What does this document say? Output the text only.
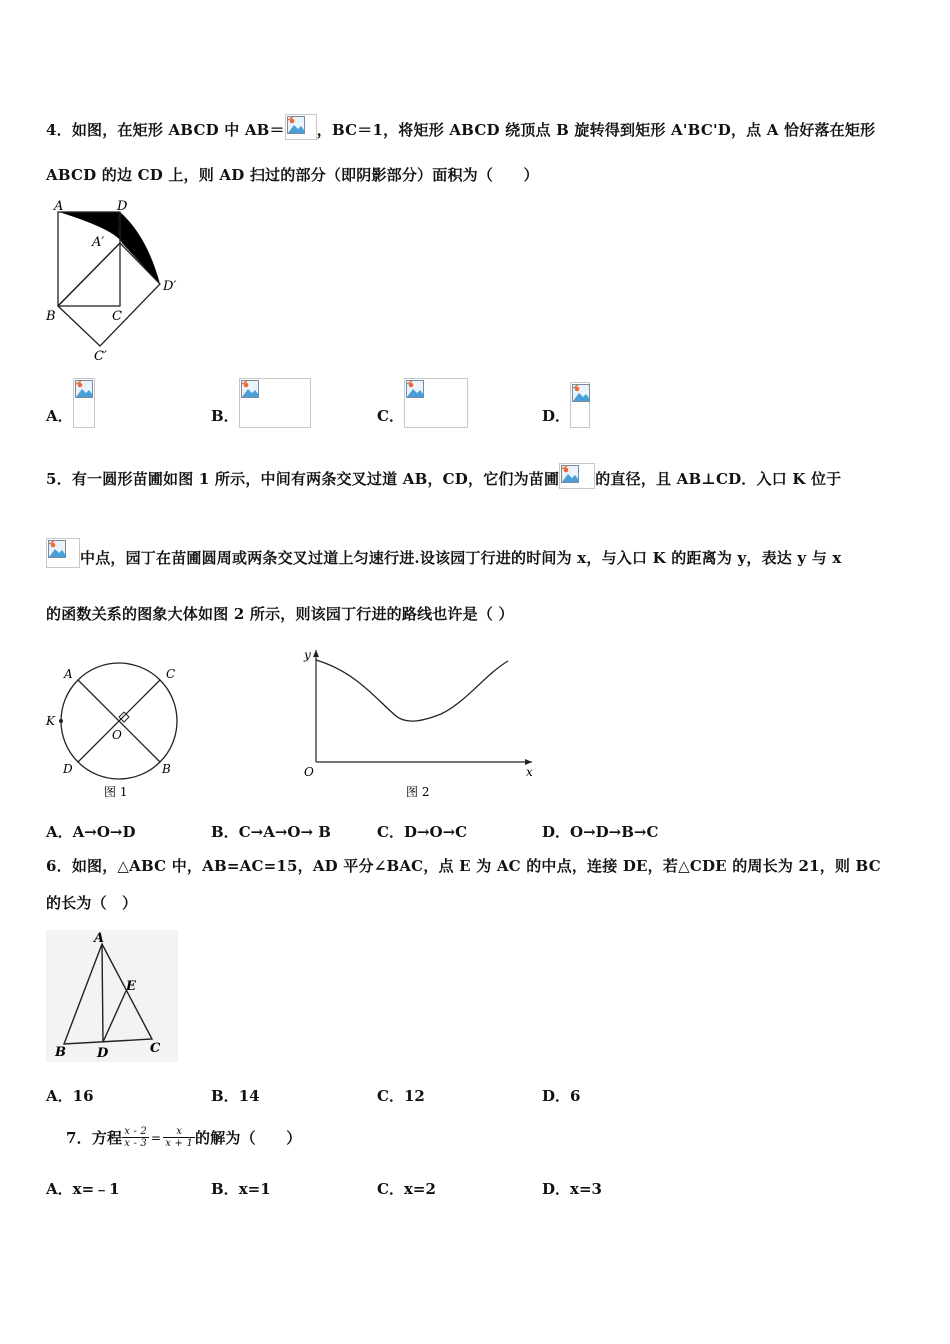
4．如图，在矩形 ABCD 中 AB＝ ，BC＝1，将矩形 ABCD 绕顶点 B 旋转得到矩形 A'BC'D，点 A 恰好落在矩形
ABCD 的边 CD 上，则 AD 扫过的部分（即阴影部分）面积为（　　）
A	D
A′
D′
B	C
C′
A．	B．	C．	D．
5．有一圆形苗圃如图 1 所示，中间有两条交叉过道 AB，CD，它们为苗圃 的直径，且 AB⊥CD．入口 K 位于
中点，园丁在苗圃圆周或两条交叉过道上匀速行进.设该园丁行进的时间为 x，与入口 K 的距离为 y，表达 y 与 x
的函数关系的图象大体如图 2 所示，则该园丁行进的路线也许是（ ）
A	C
K
O
D	B
图 1
y
O	x
图 2
A．A→O→D	B．C→A→O→ B	C．D→O→C	D．O→D→B→C
6．如图，△ABC 中，AB=AC=15，AD 平分∠BAC，点 E 为 AC 的中点，连接 DE，若△CDE 的周长为 21，则 BC
的长为（　）
A
E
B D	C
A．16	B．14	C．12	D．6
7．方程 $\frac{x - 2}{x - 3} = \frac{x}{x + 1}$ 的解为（　　）
A．x=﹣1	B．x=1	C．x=2	D．x=3
